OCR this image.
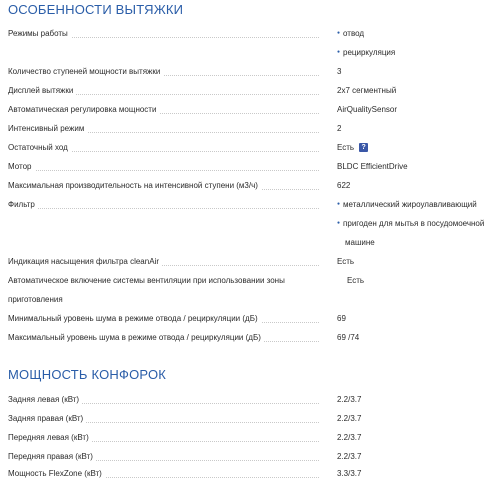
ОСОБЕННОСТИ ВЫТЯЖКИ
Режимы работы	● отвод
● рециркуляция
Количество ступеней мощности вытяжки	3
Дисплей вытяжки	2x7 сегментный
Автоматическая регулировка мощности	AirQualitySensor
Интенсивный режим	2
Остаточный ход	Есть ?
Мотор	BLDC EfficientDrive
Максимальная производительность на интенсивной ступени (м3/ч)	622
Фильтр	● металлический жироулавливающий
● пригоден для мытья в посудомоечной
машине
Индикация насыщения фильтра cleanAir	Есть
Автоматическое включение системы вентиляции при использовании зоны	Есть
приготовления
Минимальный уровень шума в режиме отвода / рециркуляции (дБ)	69
Максимальный уровень шума в режиме отвода / рециркуляции (дБ)	69 /74
МОЩНОСТЬ КОНФОРОК
Задняя левая (кВт)	2.2/3.7
Задняя правая (кВт)	2.2/3.7
Передняя левая (кВт)	2.2/3.7
Передняя правая (кВт)	2.2/3.7
Мощность FlexZone (кВт)	3.3/3.7
